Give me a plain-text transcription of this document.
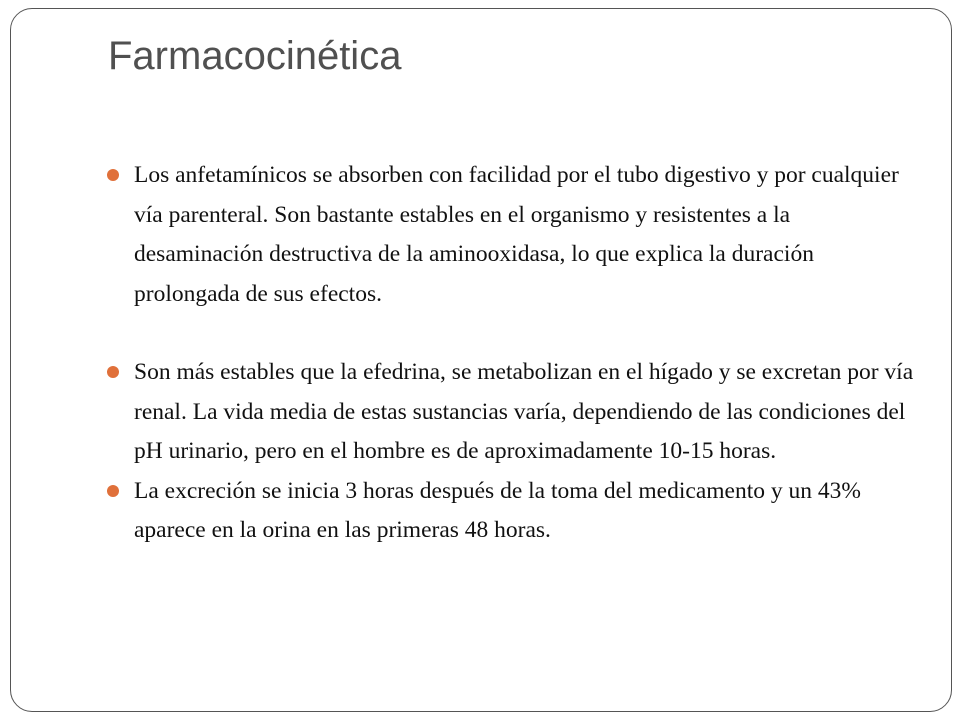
Farmacocinética
Los anfetamínicos se absorben con facilidad por el tubo digestivo y por cualquier vía parenteral. Son bastante estables en el organismo y resistentes a la desaminación destructiva de la aminooxidasa, lo que explica la duración prolongada de sus efectos.
Son más estables que la efedrina, se metabolizan en el hígado y se excretan por vía renal. La vida media de estas sustancias varía, dependiendo de las condiciones del pH urinario, pero en el hombre es de aproximadamente 10-15 horas.
La excreción se inicia 3 horas después de la toma del medicamento y un 43% aparece en la orina en las primeras 48 horas.
